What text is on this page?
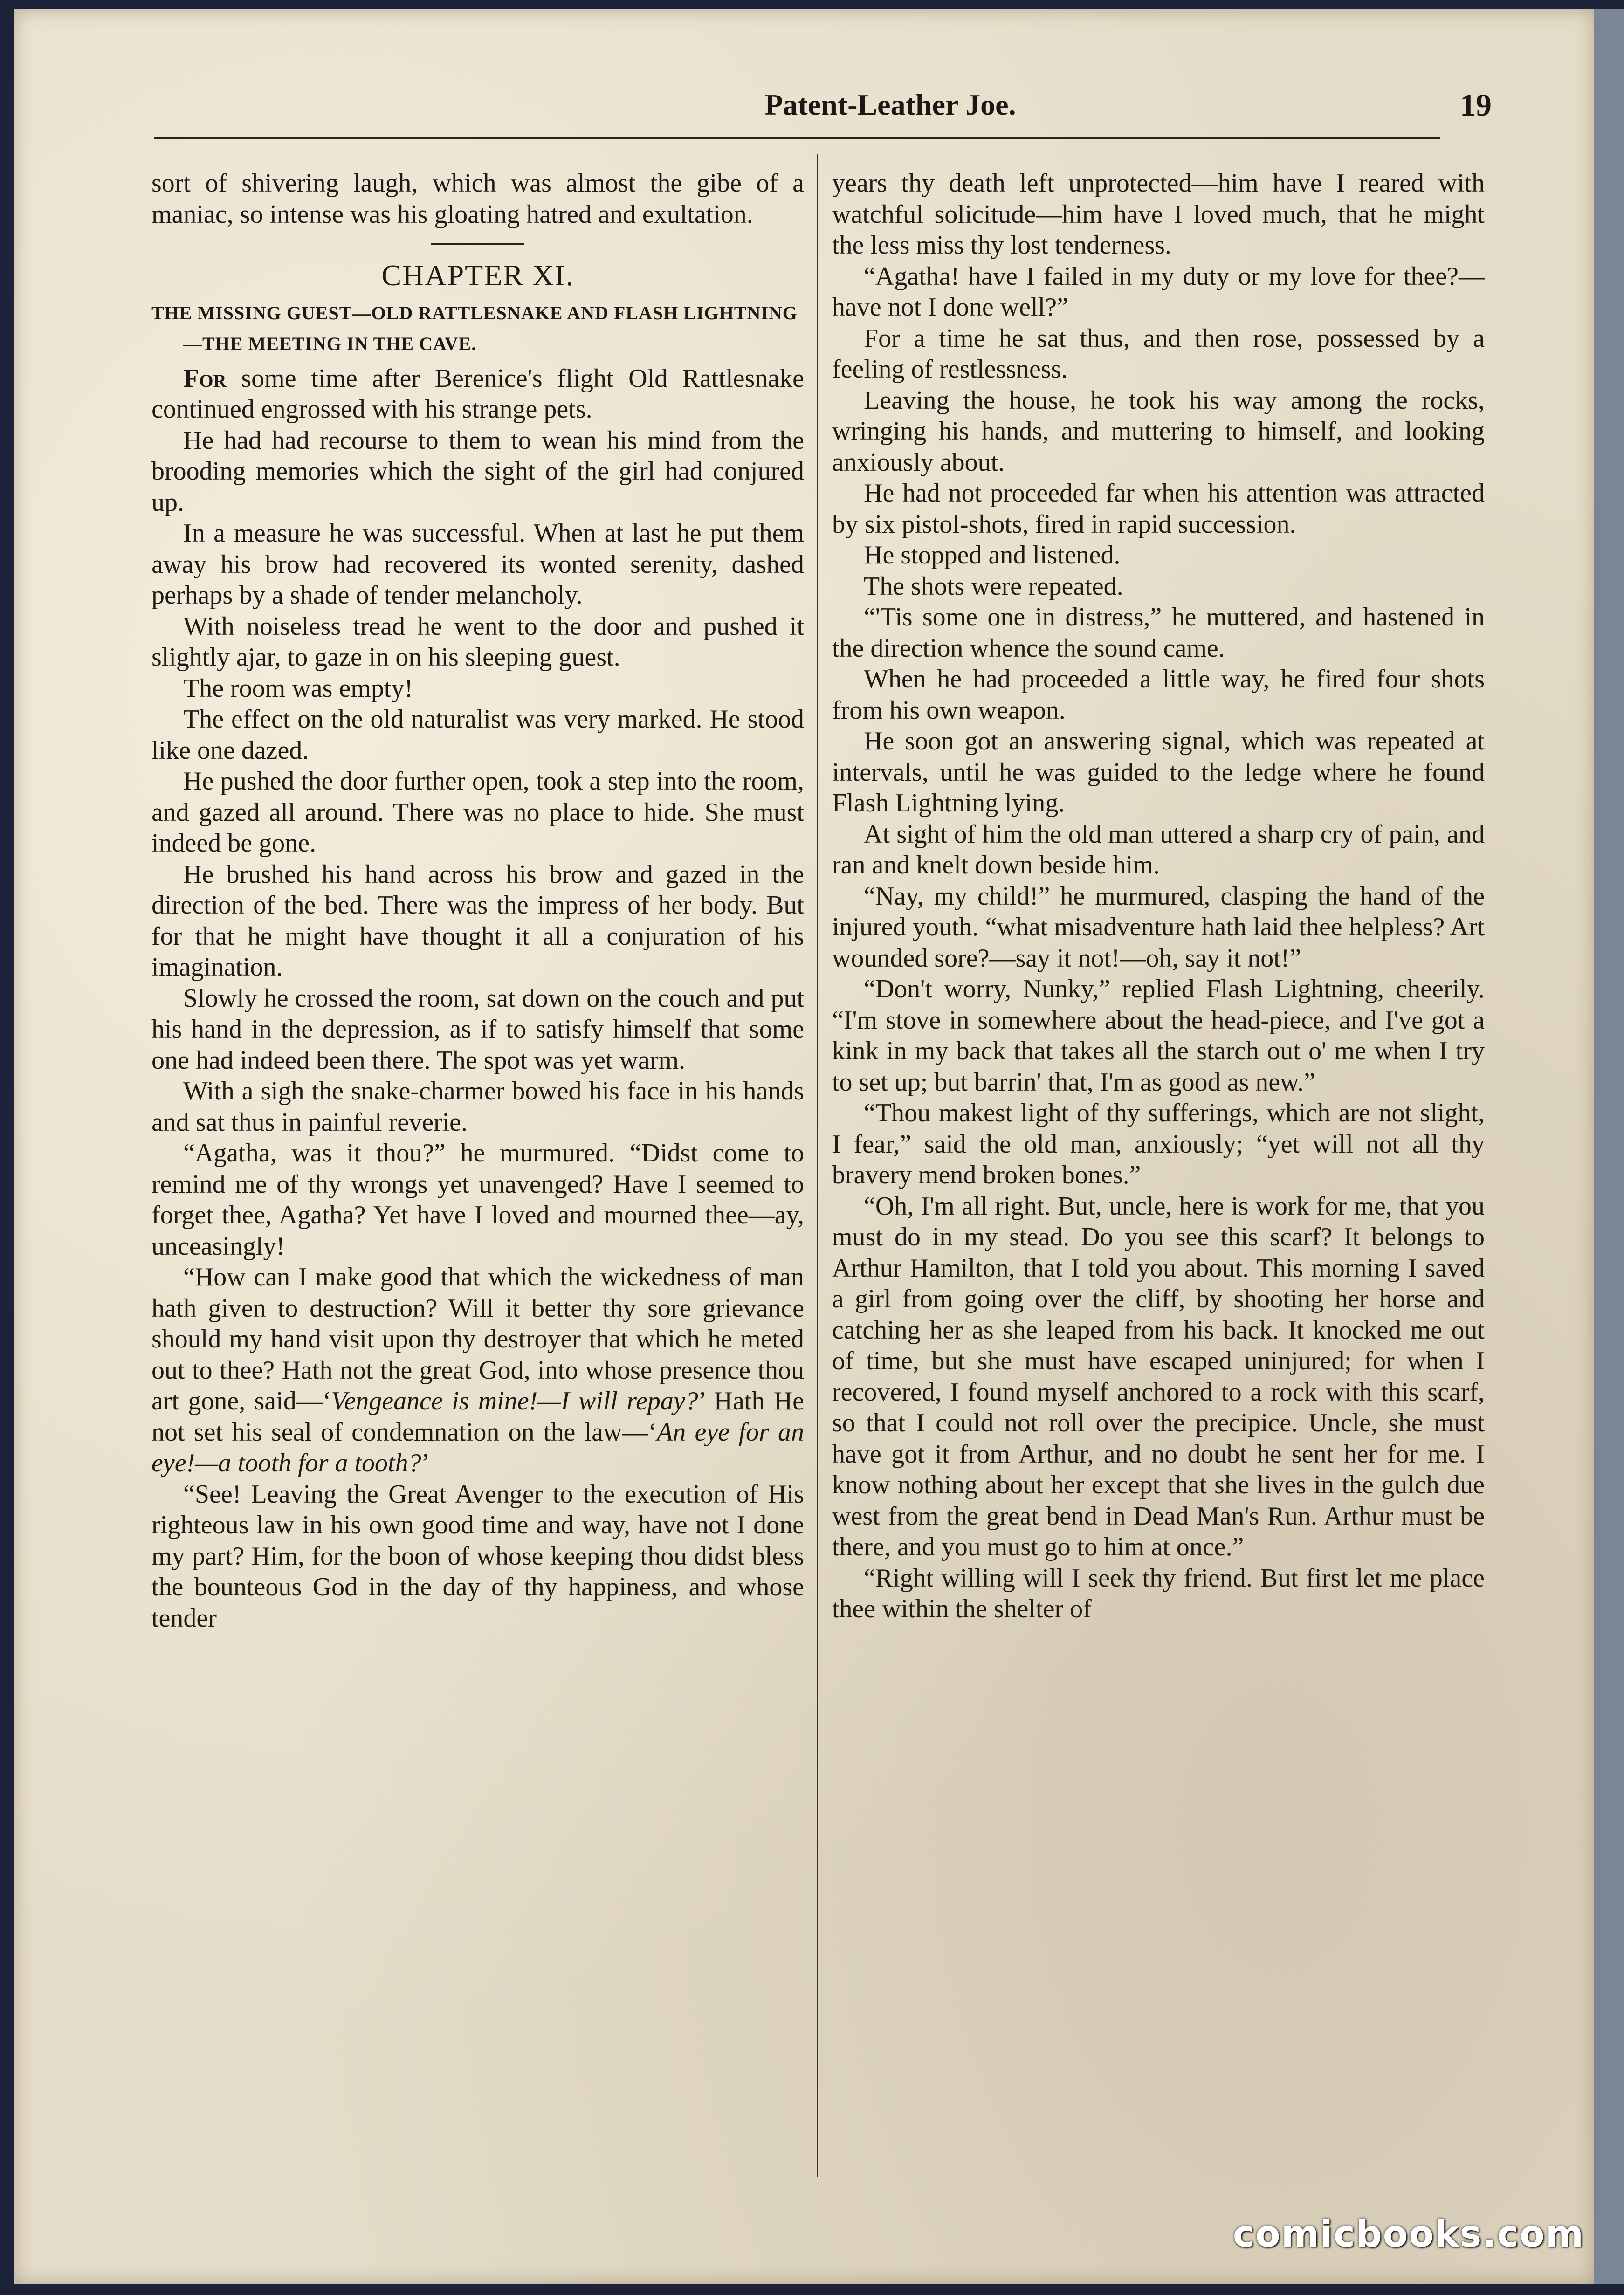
Patent-Leather Joe.	19

sort of shivering laugh, which was almost the gibe of a maniac, so intense was his gloating hatred and exultation.

CHAPTER XI.
THE MISSING GUEST—OLD RATTLESNAKE AND FLASH LIGHTNING—THE MEETING IN THE CAVE.

For some time after Berenice's flight Old Rattlesnake continued engrossed with his strange pets.

He had had recourse to them to wean his mind from the brooding memories which the sight of the girl had conjured up.

In a measure he was successful. When at last he put them away his brow had recovered its wonted serenity, dashed perhaps by a shade of tender melancholy.

With noiseless tread he went to the door and pushed it slightly ajar, to gaze in on his sleeping guest.

The room was empty!

The effect on the old naturalist was very marked. He stood like one dazed.

He pushed the door further open, took a step into the room, and gazed all around. There was no place to hide. She must indeed be gone.

He brushed his hand across his brow and gazed in the direction of the bed. There was the impress of her body. But for that he might have thought it all a conjuration of his imagination.

Slowly he crossed the room, sat down on the couch and put his hand in the depression, as if to satisfy himself that some one had indeed been there. The spot was yet warm.

With a sigh the snake-charmer bowed his face in his hands and sat thus in painful reverie.

“Agatha, was it thou?” he murmured. “Didst come to remind me of thy wrongs yet unavenged? Have I seemed to forget thee, Agatha? Yet have I loved and mourned thee—ay, unceasingly!

“How can I make good that which the wickedness of man hath given to destruction? Will it better thy sore grievance should my hand visit upon thy destroyer that which he meted out to thee? Hath not the great God, into whose presence thou art gone, said—‘Vengeance is mine!—I will repay?’ Hath He not set his seal of condemnation on the law—‘An eye for an eye!—a tooth for a tooth?’

“See! Leaving the Great Avenger to the execution of His righteous law in his own good time and way, have not I done my part? Him, for the boon of whose keeping thou didst bless the bounteous God in the day of thy happiness, and whose tender

years thy death left unprotected—him have I reared with watchful solicitude—him have I loved much, that he might the less miss thy lost tenderness.

“Agatha! have I failed in my duty or my love for thee?—have not I done well?”

For a time he sat thus, and then rose, possessed by a feeling of restlessness.

Leaving the house, he took his way among the rocks, wringing his hands, and muttering to himself, and looking anxiously about.

He had not proceeded far when his attention was attracted by six pistol-shots, fired in rapid succession.

He stopped and listened.

The shots were repeated.

“'Tis some one in distress,” he muttered, and hastened in the direction whence the sound came.

When he had proceeded a little way, he fired four shots from his own weapon.

He soon got an answering signal, which was repeated at intervals, until he was guided to the ledge where he found Flash Lightning lying.

At sight of him the old man uttered a sharp cry of pain, and ran and knelt down beside him.

“Nay, my child!” he murmured, clasping the hand of the injured youth. “what misadventure hath laid thee helpless? Art wounded sore?—say it not!—oh, say it not!”

“Don't worry, Nunky,” replied Flash Lightning, cheerily. “I'm stove in somewhere about the head-piece, and I've got a kink in my back that takes all the starch out o' me when I try to set up; but barrin' that, I'm as good as new.”

“Thou makest light of thy sufferings, which are not slight, I fear,” said the old man, anxiously; “yet will not all thy bravery mend broken bones.”

“Oh, I'm all right. But, uncle, here is work for me, that you must do in my stead. Do you see this scarf? It belongs to Arthur Hamilton, that I told you about. This morning I saved a girl from going over the cliff, by shooting her horse and catching her as she leaped from his back. It knocked me out of time, but she must have escaped uninjured; for when I recovered, I found myself anchored to a rock with this scarf, so that I could not roll over the precipice. Uncle, she must have got it from Arthur, and no doubt he sent her for me. I know nothing about her except that she lives in the gulch due west from the great bend in Dead Man's Run. Arthur must be there, and you must go to him at once.”

“Right willing will I seek thy friend. But first let me place thee within the shelter of

comicbooks.com
